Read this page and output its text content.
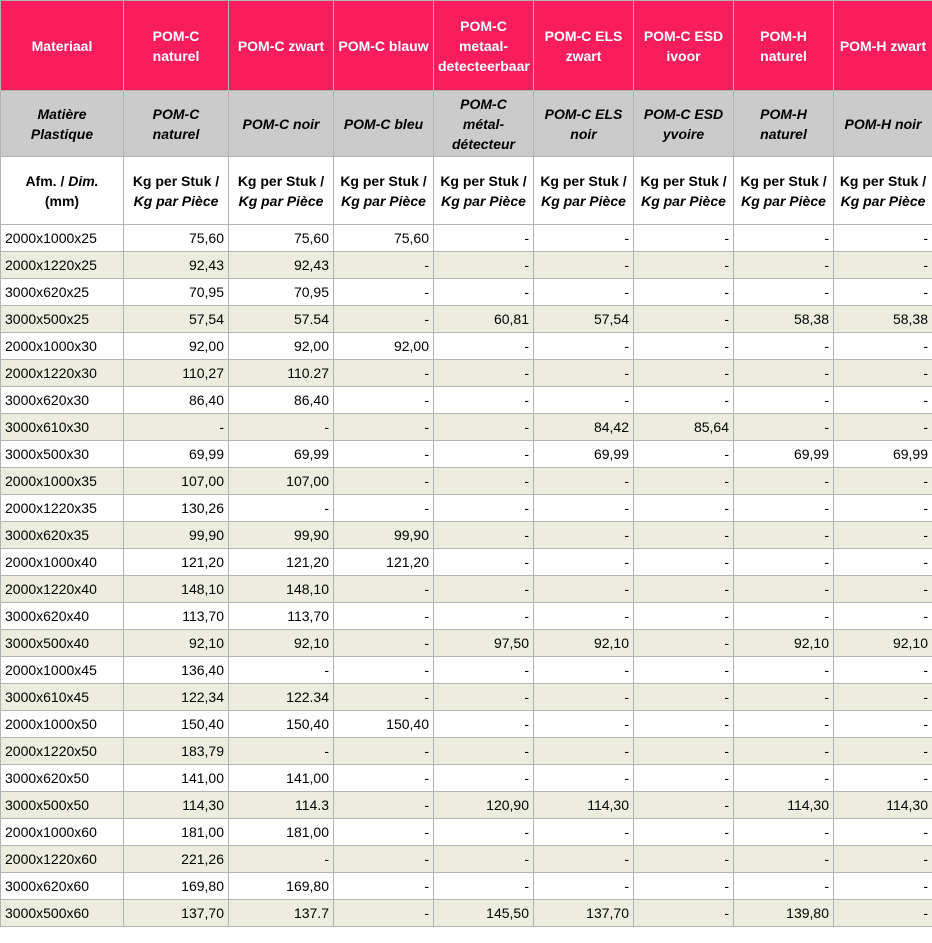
Materiaal	POM-C naturel	POM-C zwart	POM-C blauw	POM-C metaal-detecteerbaar	POM-C ELS zwart	POM-C ESD ivoor	POM-H naturel	POM-H zwart
Matière Plastique	POM-C naturel	POM-C noir	POM-C bleu	POM-C métal-détecteur	POM-C ELS noir	POM-C ESD yvoire	POM-H naturel	POM-H noir
Afm. / Dim.
(mm)	Kg per Stuk / Kg par Pièce	Kg per Stuk / Kg par Pièce	Kg per Stuk / Kg par Pièce	Kg per Stuk / Kg par Pièce	Kg per Stuk / Kg par Pièce	Kg per Stuk / Kg par Pièce	Kg per Stuk / Kg par Pièce	Kg per Stuk / Kg par Pièce
2000x1000x25	75,60	75,60	75,60	-	-	-	-	-
2000x1220x25	92,43	92,43	-	-	-	-	-	-
3000x620x25	70,95	70,95	-	-	-	-	-	-
3000x500x25	57,54	57.54	-	60,81	57,54	-	58,38	58,38
2000x1000x30	92,00	92,00	92,00	-	-	-	-	-
2000x1220x30	110,27	110.27	-	-	-	-	-	-
3000x620x30	86,40	86,40	-	-	-	-	-	-
3000x610x30	-	-	-	-	84,42	85,64	-	-
3000x500x30	69,99	69,99	-	-	69,99	-	69,99	69,99
2000x1000x35	107,00	107,00	-	-	-	-	-	-
2000x1220x35	130,26	-	-	-	-	-	-	-
3000x620x35	99,90	99,90	99,90	-	-	-	-	-
2000x1000x40	121,20	121,20	121,20	-	-	-	-	-
2000x1220x40	148,10	148,10	-	-	-	-	-	-
3000x620x40	113,70	113,70	-	-	-	-	-	-
3000x500x40	92,10	92,10	-	97,50	92,10	-	92,10	92,10
2000x1000x45	136,40	-	-	-	-	-	-	-
3000x610x45	122,34	122.34	-	-	-	-	-	-
2000x1000x50	150,40	150,40	150,40	-	-	-	-	-
2000x1220x50	183,79	-	-	-	-	-	-	-
3000x620x50	141,00	141,00	-	-	-	-	-	-
3000x500x50	114,30	114.3	-	120,90	114,30	-	114,30	114,30
2000x1000x60	181,00	181,00	-	-	-	-	-	-
2000x1220x60	221,26	-	-	-	-	-	-	-
3000x620x60	169,80	169,80	-	-	-	-	-	-
3000x500x60	137,70	137.7	-	145,50	137,70	-	139,80	-
